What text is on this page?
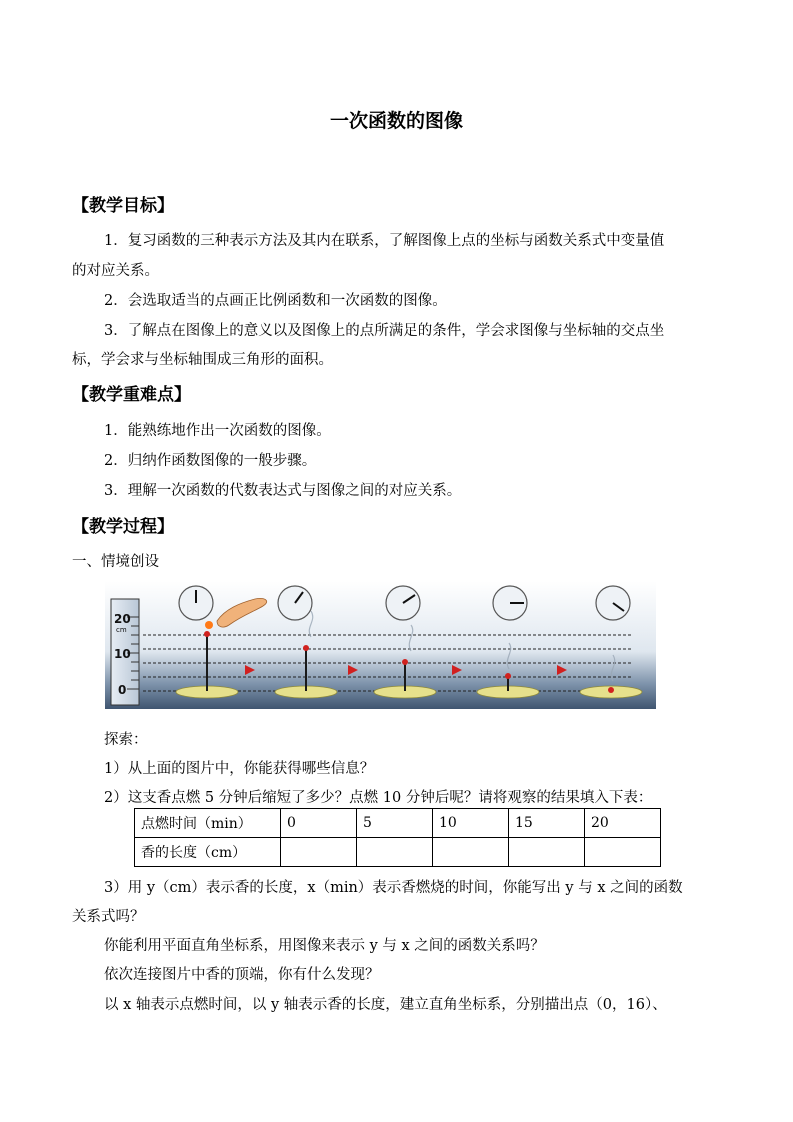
一次函数的图像
【教学目标】
1．复习函数的三种表示方法及其内在联系，了解图像上点的坐标与函数关系式中变量值
的对应关系。
2．会选取适当的点画正比例函数和一次函数的图像。
3．了解点在图像上的意义以及图像上的点所满足的条件，学会求图像与坐标轴的交点坐
标，学会求与坐标轴围成三角形的面积。
【教学重难点】
1．能熟练地作出一次函数的图像。
2．归纳作函数图像的一般步骤。
3．理解一次函数的代数表达式与图像之间的对应关系。
【教学过程】
一、情境创设
20
cm
10
0
探索：
1）从上面的图片中，你能获得哪些信息？
2）这支香点燃 5 分钟后缩短了多少？点燃 10 分钟后呢？请将观察的结果填入下表：
点燃时间（min）	0	5	10	15	20
香的长度（cm）					
3）用 y（cm）表示香的长度，x（min）表示香燃烧的时间，你能写出 y 与 x 之间的函数
关系式吗？
你能利用平面直角坐标系，用图像来表示 y 与 x 之间的函数关系吗？
依次连接图片中香的顶端，你有什么发现？
以 x 轴表示点燃时间，以 y 轴表示香的长度，建立直角坐标系，分别描出点（0，16）、
